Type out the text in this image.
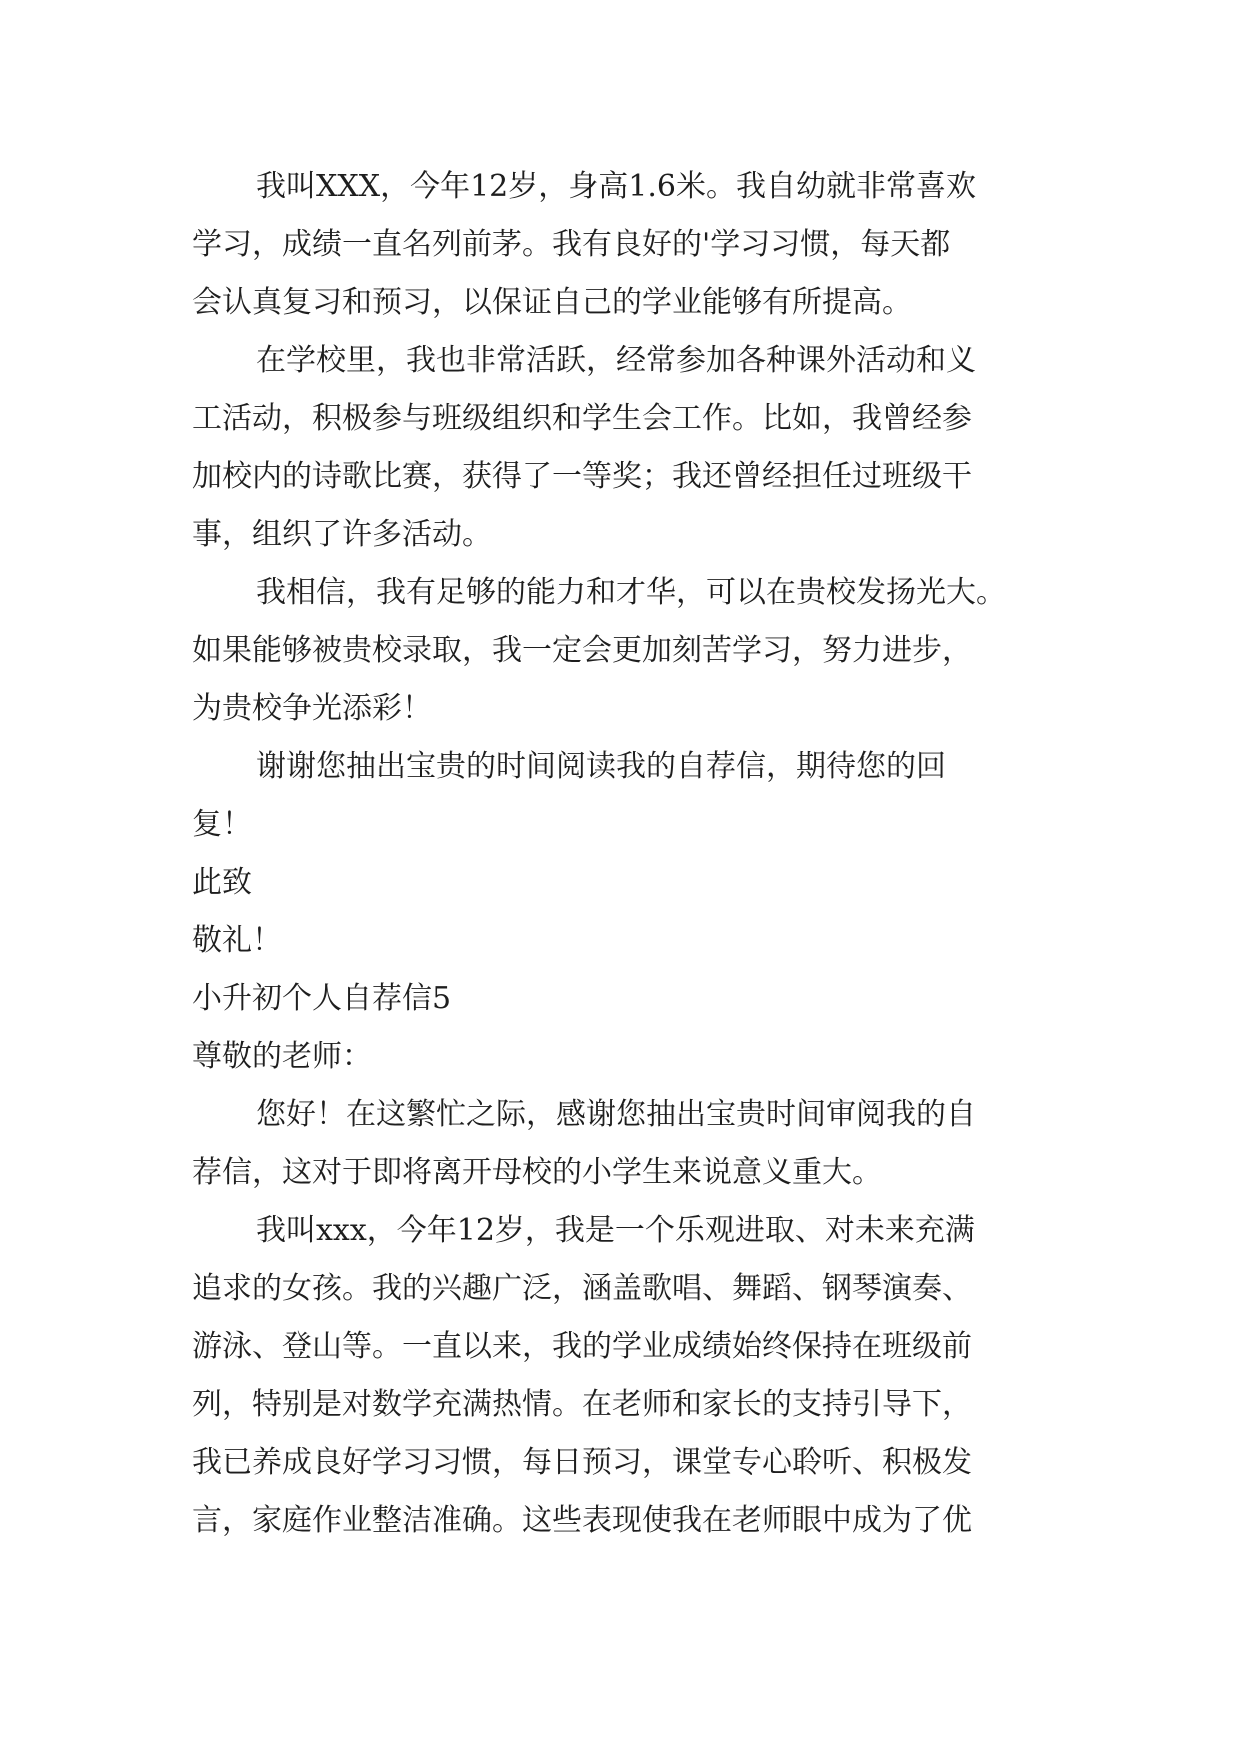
我叫XXX，今年12岁，身高1.6米。我自幼就非常喜欢

学习，成绩一直名列前茅。我有良好的'学习习惯，每天都

会认真复习和预习，以保证自己的学业能够有所提高。

在学校里，我也非常活跃，经常参加各种课外活动和义

工活动，积极参与班级组织和学生会工作。比如，我曾经参

加校内的诗歌比赛，获得了一等奖；我还曾经担任过班级干

事，组织了许多活动。

我相信，我有足够的能力和才华，可以在贵校发扬光大。

如果能够被贵校录取，我一定会更加刻苦学习，努力进步，

为贵校争光添彩！

谢谢您抽出宝贵的时间阅读我的自荐信，期待您的回

复！

此致

敬礼！

小升初个人自荐信5

尊敬的老师：

您好！在这繁忙之际，感谢您抽出宝贵时间审阅我的自

荐信，这对于即将离开母校的小学生来说意义重大。

我叫xxx，今年12岁，我是一个乐观进取、对未来充满

追求的女孩。我的兴趣广泛，涵盖歌唱、舞蹈、钢琴演奏、

游泳、登山等。一直以来，我的学业成绩始终保持在班级前

列，特别是对数学充满热情。在老师和家长的支持引导下，

我已养成良好学习习惯，每日预习，课堂专心聆听、积极发

言，家庭作业整洁准确。这些表现使我在老师眼中成为了优
